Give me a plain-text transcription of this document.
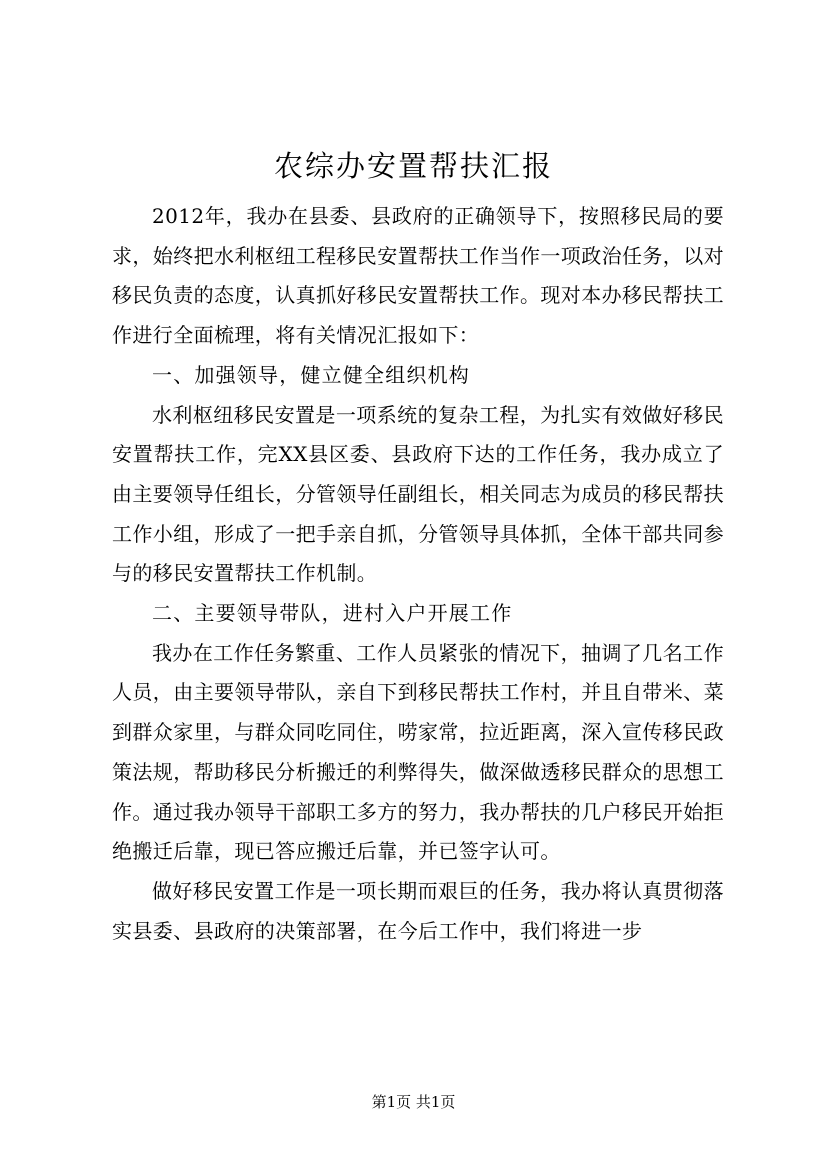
农综办安置帮扶汇报

2012年，我办在县委、县政府的正确领导下，按照移民局的要求，始终把水利枢纽工程移民安置帮扶工作当作一项政治任务，以对移民负责的态度，认真抓好移民安置帮扶工作。现对本办移民帮扶工作进行全面梳理，将有关情况汇报如下：

一、加强领导，健立健全组织机构

水利枢纽移民安置是一项系统的复杂工程，为扎实有效做好移民安置帮扶工作，完XX县区委、县政府下达的工作任务，我办成立了由主要领导任组长，分管领导任副组长，相关同志为成员的移民帮扶工作小组，形成了一把手亲自抓，分管领导具体抓，全体干部共同参与的移民安置帮扶工作机制。

二、主要领导带队，进村入户开展工作

我办在工作任务繁重、工作人员紧张的情况下，抽调了几名工作人员，由主要领导带队，亲自下到移民帮扶工作村，并且自带米、菜到群众家里，与群众同吃同住，唠家常，拉近距离，深入宣传移民政策法规，帮助移民分析搬迁的利弊得失，做深做透移民群众的思想工作。通过我办领导干部职工多方的努力，我办帮扶的几户移民开始拒绝搬迁后靠，现已答应搬迁后靠，并已签字认可。

做好移民安置工作是一项长期而艰巨的任务，我办将认真贯彻落实县委、县政府的决策部署，在今后工作中，我们将进一步

第1页 共1页
